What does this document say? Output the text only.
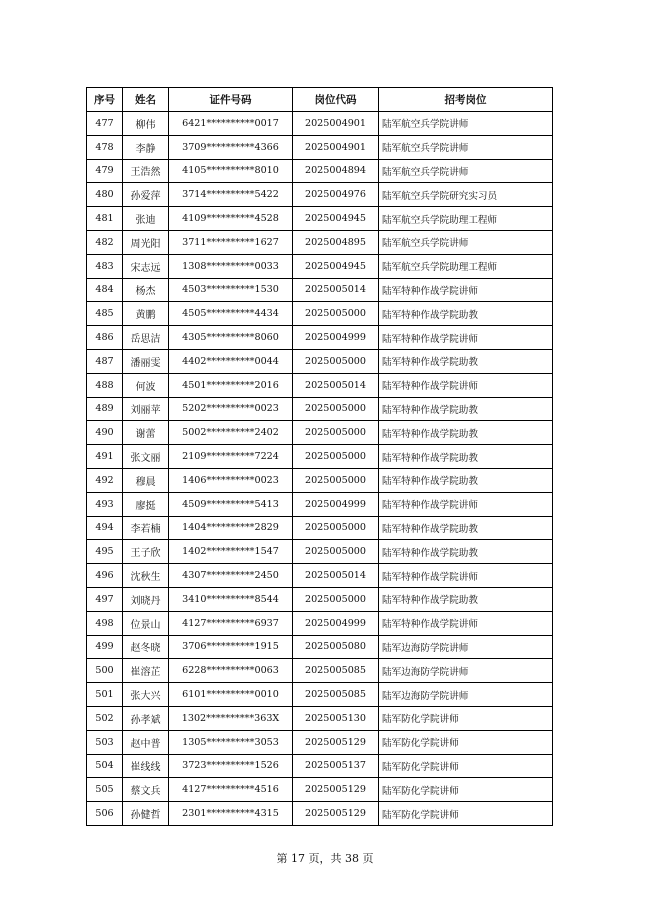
序号	姓名	证件号码	岗位代码	招考岗位
477	柳伟	6421**********0017	2025004901	陆军航空兵学院讲师
478	李静	3709**********4366	2025004901	陆军航空兵学院讲师
479	王浩然	4105**********8010	2025004894	陆军航空兵学院讲师
480	孙爱萍	3714**********5422	2025004976	陆军航空兵学院研究实习员
481	张迪	4109**********4528	2025004945	陆军航空兵学院助理工程师
482	周光阳	3711**********1627	2025004895	陆军航空兵学院讲师
483	宋志远	1308**********0033	2025004945	陆军航空兵学院助理工程师
484	杨杰	4503**********1530	2025005014	陆军特种作战学院讲师
485	黄鹏	4505**********4434	2025005000	陆军特种作战学院助教
486	岳思洁	4305**********8060	2025004999	陆军特种作战学院讲师
487	潘丽雯	4402**********0044	2025005000	陆军特种作战学院助教
488	何波	4501**********2016	2025005014	陆军特种作战学院讲师
489	刘丽苹	5202**********0023	2025005000	陆军特种作战学院助教
490	谢蕾	5002**********2402	2025005000	陆军特种作战学院助教
491	张文丽	2109**********7224	2025005000	陆军特种作战学院助教
492	穆晨	1406**********0023	2025005000	陆军特种作战学院助教
493	廖挺	4509**********5413	2025004999	陆军特种作战学院讲师
494	李若楠	1404**********2829	2025005000	陆军特种作战学院助教
495	王子欣	1402**********1547	2025005000	陆军特种作战学院助教
496	沈秋生	4307**********2450	2025005014	陆军特种作战学院讲师
497	刘晓丹	3410**********8544	2025005000	陆军特种作战学院助教
498	位景山	4127**********6937	2025004999	陆军特种作战学院讲师
499	赵冬晓	3706**********1915	2025005080	陆军边海防学院讲师
500	崔溶芷	6228**********0063	2025005085	陆军边海防学院讲师
501	张大兴	6101**********0010	2025005085	陆军边海防学院讲师
502	孙孝斌	1302**********363X	2025005130	陆军防化学院讲师
503	赵中普	1305**********3053	2025005129	陆军防化学院讲师
504	崔线线	3723**********1526	2025005137	陆军防化学院讲师
505	蔡文兵	4127**********4516	2025005129	陆军防化学院讲师
506	孙健哲	2301**********4315	2025005129	陆军防化学院讲师
第 17 页，共 38 页
